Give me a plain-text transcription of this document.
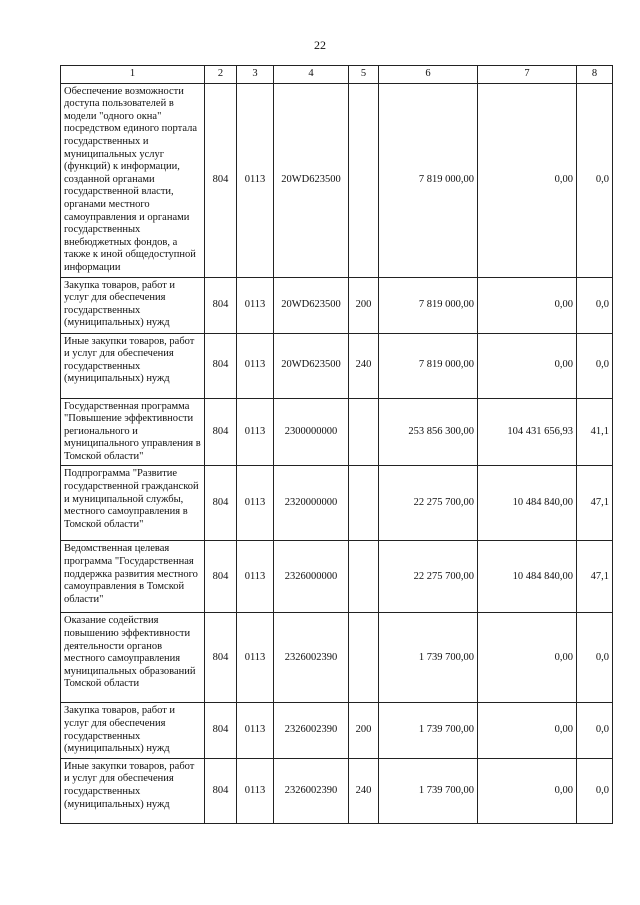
22
1	2	3	4	5	6	7	8
Обеспечение возможности доступа пользователей в модели "одного окна" посредством единого портала государственных и муниципальных услуг (функций) к информации, созданной органами государственной власти, органами местного самоуправления и органами государственных внебюджетных фондов, а также к иной общедоступной информации	804	0113	20WD623500		7 819 000,00	0,00	0,0
Закупка товаров, работ и услуг для обеспечения государственных (муниципальных) нужд	804	0113	20WD623500	200	7 819 000,00	0,00	0,0
Иные закупки товаров, работ и услуг для обеспечения государственных (муниципальных) нужд	804	0113	20WD623500	240	7 819 000,00	0,00	0,0
Государственная программа "Повышение эффективности регионального и муниципального управления в Томской области"	804	0113	2300000000		253 856 300,00	104 431 656,93	41,1
Подпрограмма "Развитие государственной гражданской и муниципальной службы, местного самоуправления в Томской области"	804	0113	2320000000		22 275 700,00	10 484 840,00	47,1
Ведомственная целевая программа "Государственная поддержка развития местного самоуправления в Томской области"	804	0113	2326000000		22 275 700,00	10 484 840,00	47,1
Оказание содействия повышению эффективности деятельности органов местного самоуправления муниципальных образований Томской области	804	0113	2326002390		1 739 700,00	0,00	0,0
Закупка товаров, работ и услуг для обеспечения государственных (муниципальных) нужд	804	0113	2326002390	200	1 739 700,00	0,00	0,0
Иные закупки товаров, работ и услуг для обеспечения государственных (муниципальных) нужд	804	0113	2326002390	240	1 739 700,00	0,00	0,0
